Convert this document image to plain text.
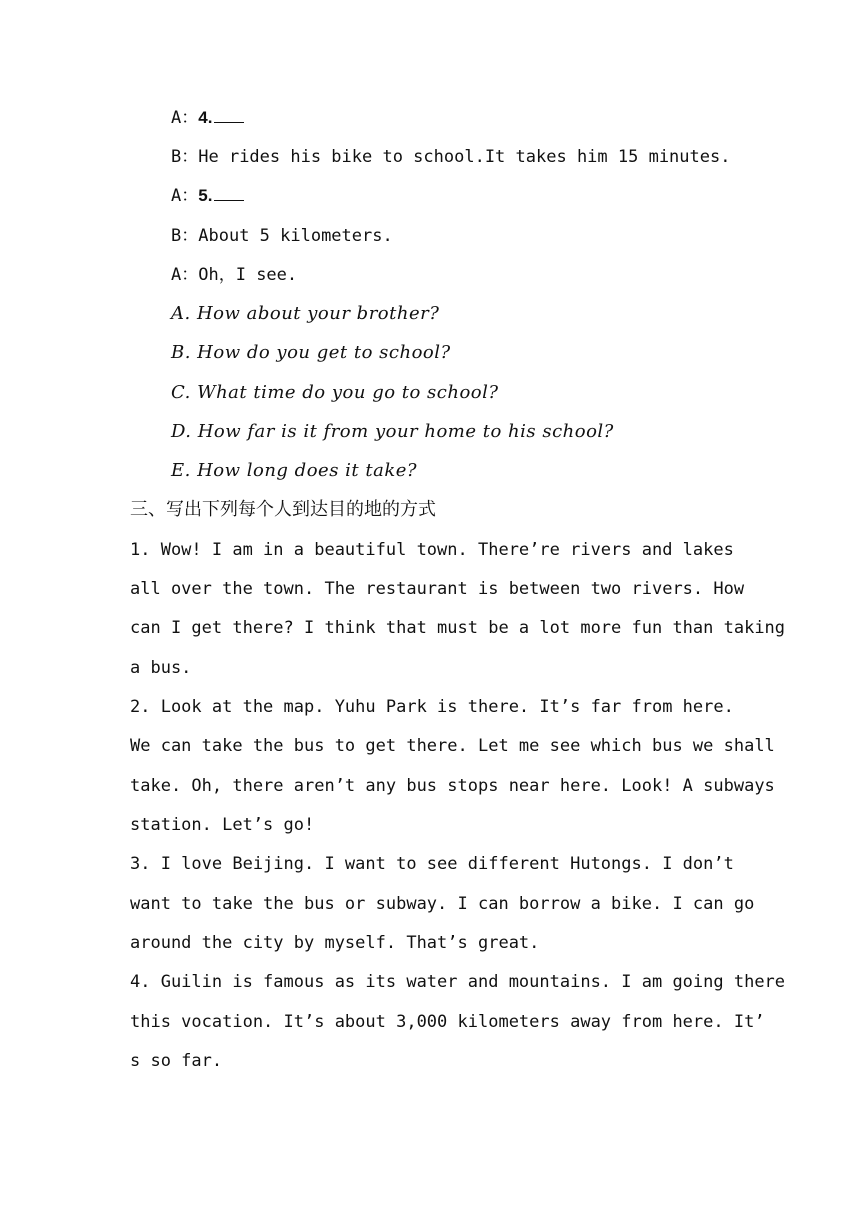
A：4.
B：He rides his bike to school.It takes him 15 minutes.
A：5.
B：About 5 kilometers.
A：Oh，I see.
A. How about your brother?
B. How do you get to school?
C. What time do you go to school?
D. How far is it from your home to his school?
E. How long does it take?
三、写出下列每个人到达目的地的方式
1. Wow! I am in a beautiful town. There’re rivers and lakes
all over the town. The restaurant is between two rivers. How
can I get there? I think that must be a lot more fun than taking
a bus.
2. Look at the map. Yuhu Park is there. It’s far from here.
We can take the bus to get there. Let me see which bus we shall
take. Oh, there aren’t any bus stops near here. Look! A subways
station. Let’s go!
3. I love Beijing. I want to see different Hutongs. I don’t
want to take the bus or subway. I can borrow a bike. I can go
around the city by myself. That’s great.
4. Guilin is famous as its water and mountains. I am going there
this vocation. It’s about 3,000 kilometers away from here. It’
s so far.
